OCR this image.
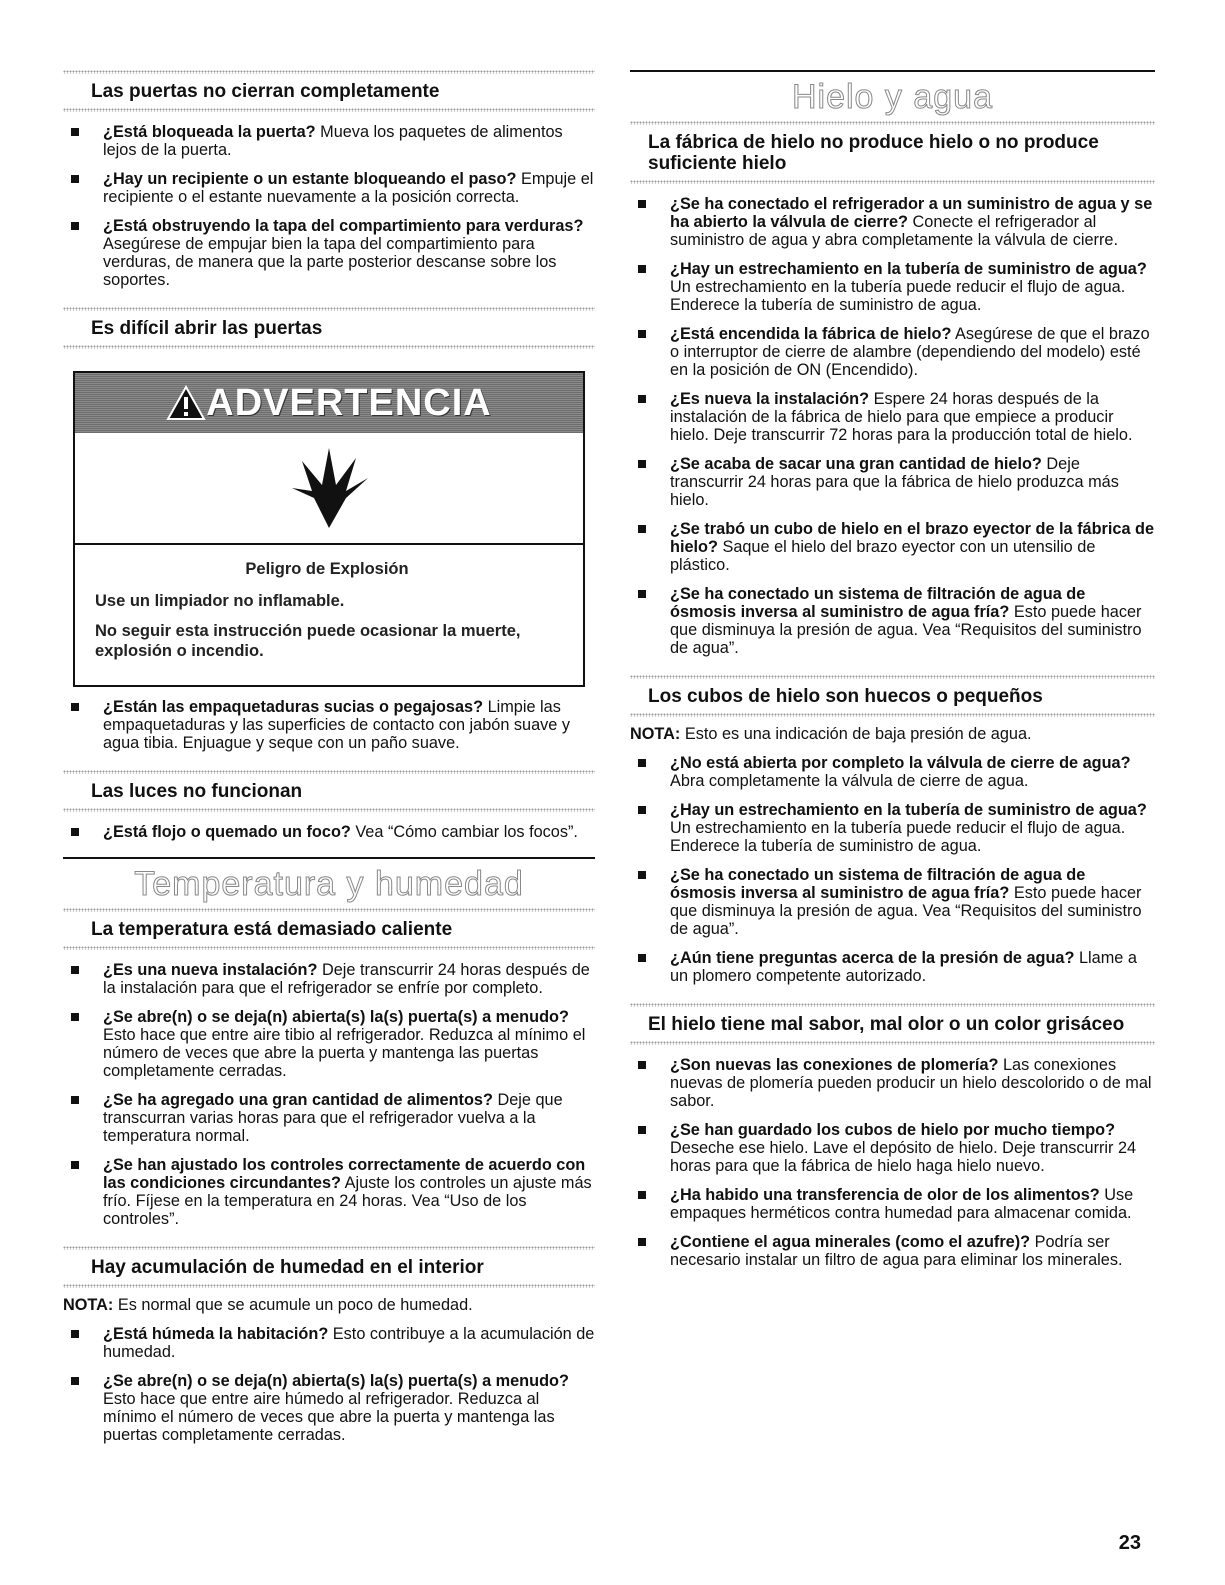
Las puertas no cierran completamente
¿Está bloqueada la puerta? Mueva los paquetes de alimentos lejos de la puerta.
¿Hay un recipiente o un estante bloqueando el paso? Empuje el recipiente o el estante nuevamente a la posición correcta.
¿Está obstruyendo la tapa del compartimiento para verduras? Asegúrese de empujar bien la tapa del compartimiento para verduras, de manera que la parte posterior descanse sobre los soportes.
Es difícil abrir las puertas
ADVERTENCIA
Peligro de Explosión

Use un limpiador no inflamable.

No seguir esta instrucción puede ocasionar la muerte, explosión o incendio.

¿Están las empaquetaduras sucias o pegajosas? Limpie las empaquetaduras y las superficies de contacto con jabón suave y agua tibia. Enjuague y seque con un paño suave.
Las luces no funcionan
¿Está flojo o quemado un foco? Vea “Cómo cambiar los focos”.
Temperatura y humedad
La temperatura está demasiado caliente
¿Es una nueva instalación? Deje transcurrir 24 horas después de la instalación para que el refrigerador se enfríe por completo.
¿Se abre(n) o se deja(n) abierta(s) la(s) puerta(s) a menudo? Esto hace que entre aire tibio al refrigerador. Reduzca al mínimo el número de veces que abre la puerta y mantenga las puertas completamente cerradas.
¿Se ha agregado una gran cantidad de alimentos? Deje que transcurran varias horas para que el refrigerador vuelva a la temperatura normal.
¿Se han ajustado los controles correctamente de acuerdo con las condiciones circundantes? Ajuste los controles un ajuste más frío. Fíjese en la temperatura en 24 horas. Vea “Uso de los controles”.
Hay acumulación de humedad en el interior
NOTA: Es normal que se acumule un poco de humedad.
¿Está húmeda la habitación? Esto contribuye a la acumulación de humedad.
¿Se abre(n) o se deja(n) abierta(s) la(s) puerta(s) a menudo? Esto hace que entre aire húmedo al refrigerador. Reduzca al mínimo el número de veces que abre la puerta y mantenga las puertas completamente cerradas.
Hielo y agua
La fábrica de hielo no produce hielo o no produce suficiente hielo
¿Se ha conectado el refrigerador a un suministro de agua y se ha abierto la válvula de cierre? Conecte el refrigerador al suministro de agua y abra completamente la válvula de cierre.
¿Hay un estrechamiento en la tubería de suministro de agua? Un estrechamiento en la tubería puede reducir el flujo de agua. Enderece la tubería de suministro de agua.
¿Está encendida la fábrica de hielo? Asegúrese de que el brazo o interruptor de cierre de alambre (dependiendo del modelo) esté en la posición de ON (Encendido).
¿Es nueva la instalación? Espere 24 horas después de la instalación de la fábrica de hielo para que empiece a producir hielo. Deje transcurrir 72 horas para la producción total de hielo.
¿Se acaba de sacar una gran cantidad de hielo? Deje transcurrir 24 horas para que la fábrica de hielo produzca más hielo.
¿Se trabó un cubo de hielo en el brazo eyector de la fábrica de hielo? Saque el hielo del brazo eyector con un utensilio de plástico.
¿Se ha conectado un sistema de filtración de agua de ósmosis inversa al suministro de agua fría? Esto puede hacer que disminuya la presión de agua. Vea “Requisitos del suministro de agua”.
Los cubos de hielo son huecos o pequeños
NOTA: Esto es una indicación de baja presión de agua.
¿No está abierta por completo la válvula de cierre de agua? Abra completamente la válvula de cierre de agua.
¿Hay un estrechamiento en la tubería de suministro de agua? Un estrechamiento en la tubería puede reducir el flujo de agua. Enderece la tubería de suministro de agua.
¿Se ha conectado un sistema de filtración de agua de ósmosis inversa al suministro de agua fría? Esto puede hacer que disminuya la presión de agua. Vea “Requisitos del suministro de agua”.
¿Aún tiene preguntas acerca de la presión de agua? Llame a un plomero competente autorizado.
El hielo tiene mal sabor, mal olor o un color grisáceo
¿Son nuevas las conexiones de plomería? Las conexiones nuevas de plomería pueden producir un hielo descolorido o de mal sabor.
¿Se han guardado los cubos de hielo por mucho tiempo? Deseche ese hielo. Lave el depósito de hielo. Deje transcurrir 24 horas para que la fábrica de hielo haga hielo nuevo.
¿Ha habido una transferencia de olor de los alimentos? Use empaques herméticos contra humedad para almacenar comida.
¿Contiene el agua minerales (como el azufre)? Podría ser necesario instalar un filtro de agua para eliminar los minerales.
23
